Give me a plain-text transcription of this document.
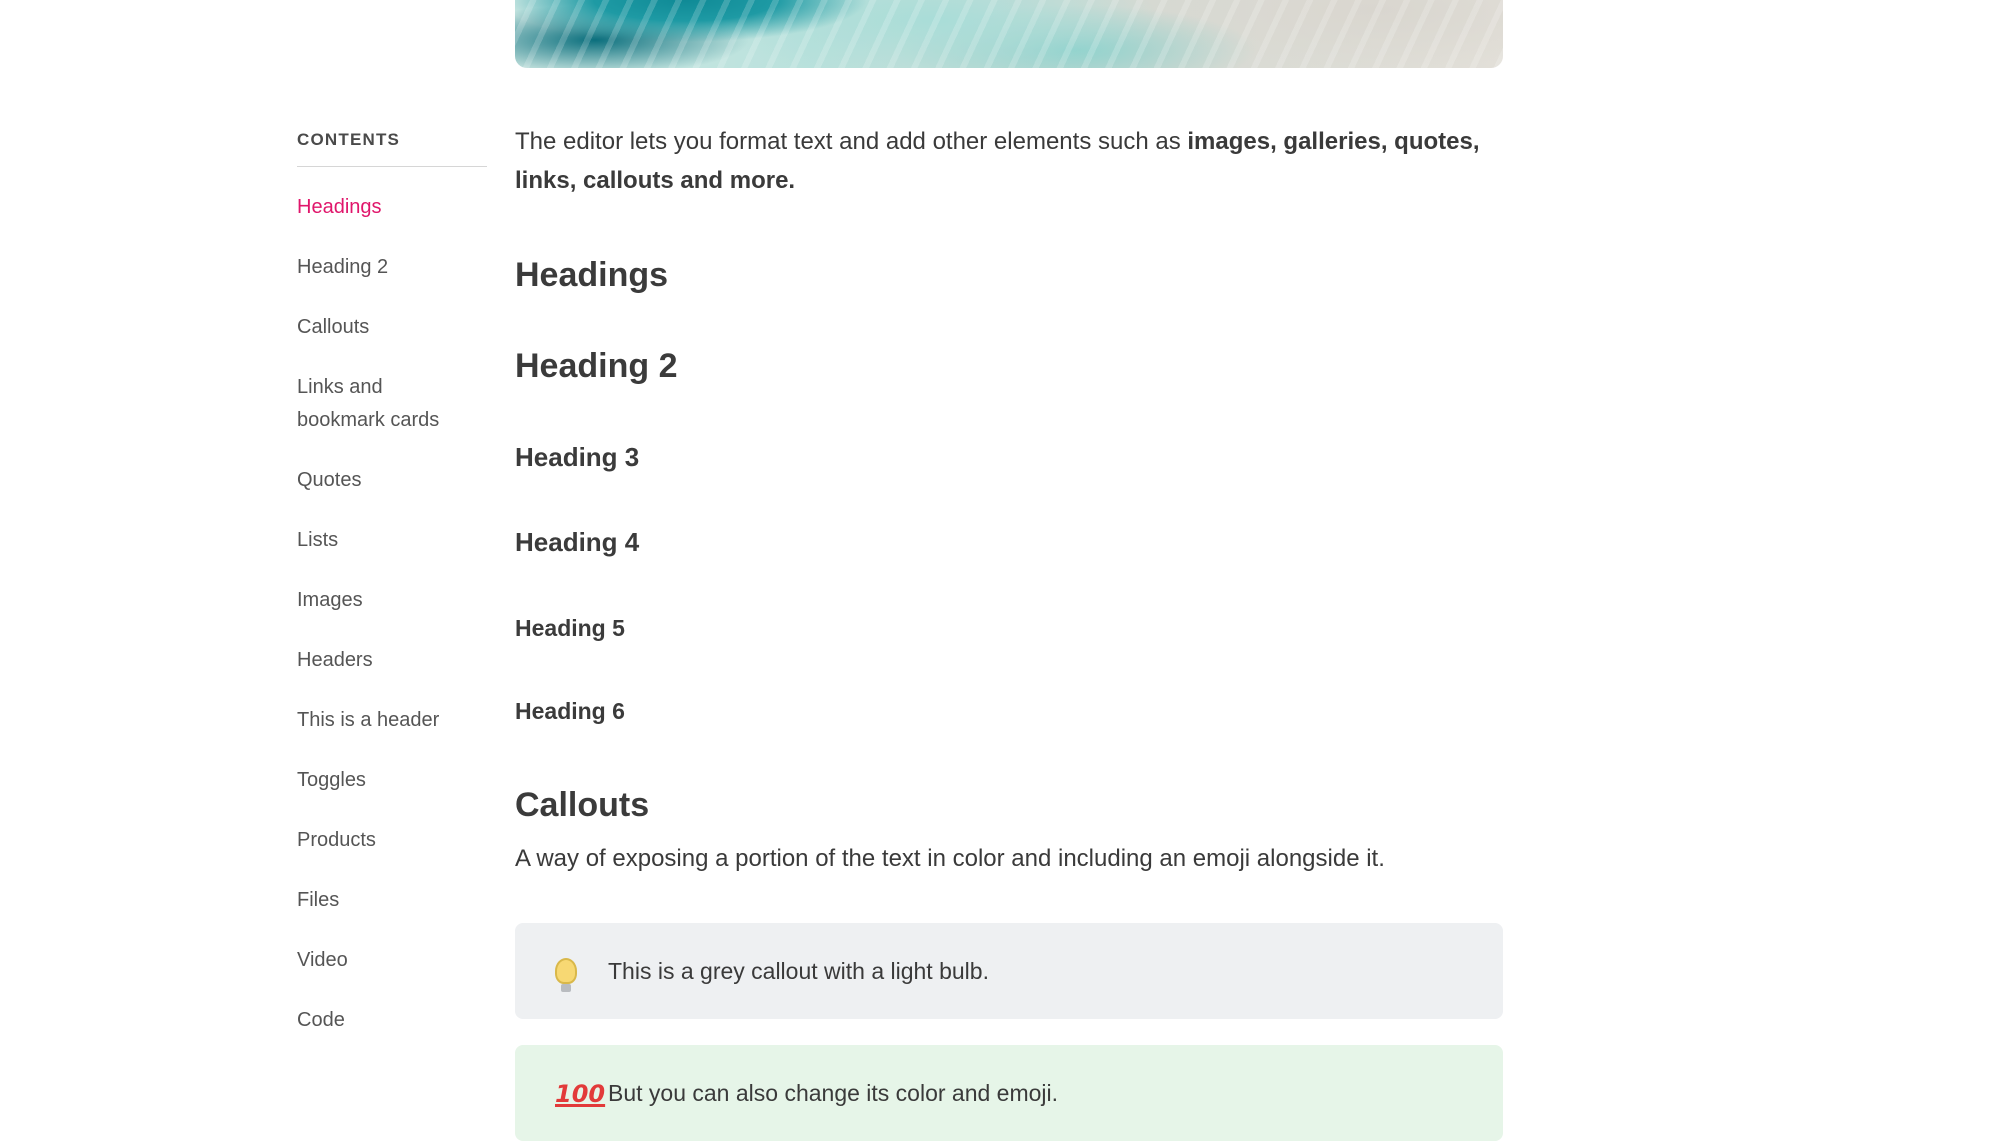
CONTENTS
Headings
Heading 2
Callouts
Links and bookmark cards
Quotes
Lists
Images
Headers
This is a header
Toggles
Products
Files
Video
Code

The editor lets you format text and add other elements such as images, galleries, quotes, links, callouts and more.

Headings
Heading 2
Heading 3
Heading 4
Heading 5
Heading 6
Callouts

A way of exposing a portion of the text in color and including an emoji alongside it.

This is a grey callout with a light bulb.
100 But you can also change its color and emoji.
